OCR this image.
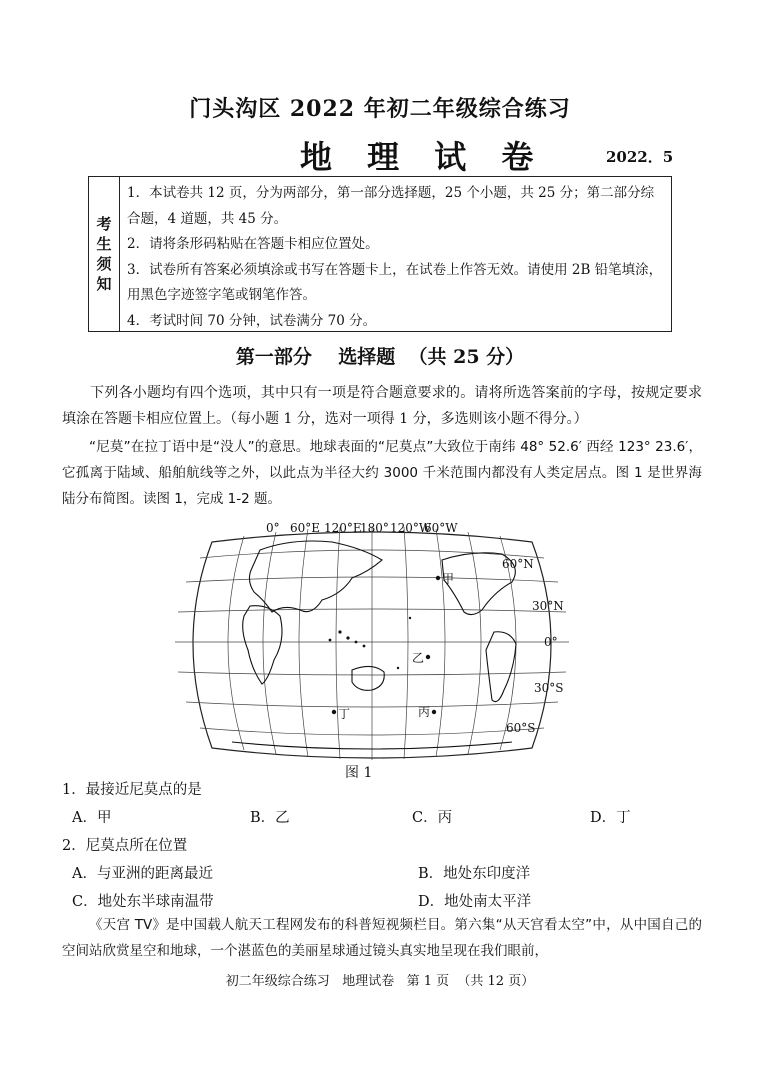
门头沟区 2022 年初二年级综合练习
地 理 试 卷	2022．5
考
生
须
知
1．本试卷共 12 页，分为两部分，第一部分选择题，25 个小题，共 25 分；第二部分综合题，4 道题，共 45 分。
2．请将条形码粘贴在答题卡相应位置处。
3．试卷所有答案必须填涂或书写在答题卡上，在试卷上作答无效。请使用 2B 铅笔填涂，用黑色字迹签字笔或钢笔作答。
4．考试时间 70 分钟，试卷满分 70 分。
第一部分    选择题  （共 25 分）
下列各小题均有四个选项，其中只有一项是符合题意要求的。请将所选答案前的字母，按规定要求填涂在答题卡相应位置上。（每小题 1 分，选对一项得 1 分，多选则该小题不得分。）
“尼莫”在拉丁语中是“没人”的意思。地球表面的“尼莫点”大致位于南纬 48° 52.6′ 西经 123° 23.6′，它孤离于陆域、船舶航线等之外，以此点为半径大约 3000 千米范围内都没有人类定居点。图 1 是世界海陆分布简图。读图 1，完成 1-2 题。
甲
乙
丙
丁
0° 60°E 120°E
180° 120°W
60°W
60°N
30°N
0°
30°S
60°S
图 1
1．最接近尼莫点的是
A．甲	B．乙	C．丙	D．丁
2．尼莫点所在位置
A．与亚洲的距离最近	B．地处东印度洋
C．地处东半球南温带	D．地处南太平洋
《天宫 TV》是中国载人航天工程网发布的科普短视频栏目。第六集“从天宫看太空”中，从中国自己的空间站欣赏星空和地球，一个湛蓝色的美丽星球通过镜头真实地呈现在我们眼前，
初二年级综合练习   地理试卷   第 1 页  （共 12 页）
